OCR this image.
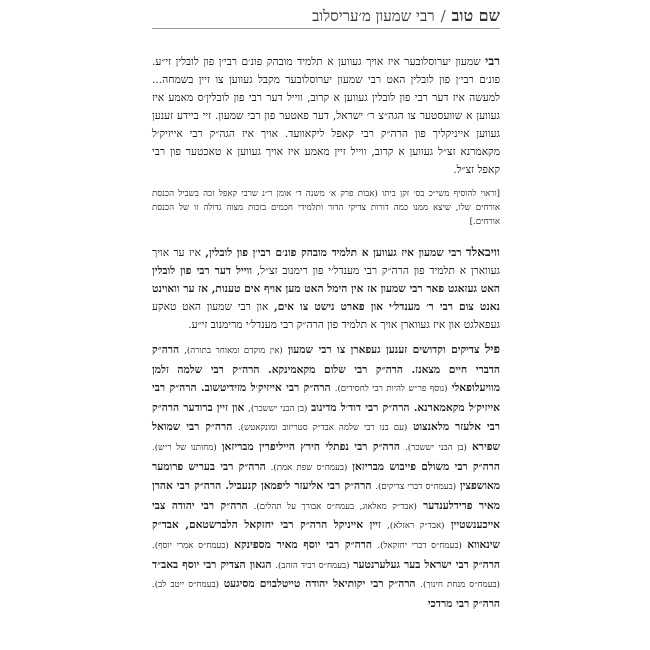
שם טוב
/
רבי שמעון מ׳עריסלוב

רבי שמעון יערוסלובער איז אויך געווען א תלמיד מובהק פונ׳ם רבי׳ן פון לובלין זי״ע. פונ׳ם רבי׳ן פון לובלין האט רבי שמעון יערוסלובער מקבל געווען צו זיין בשמחה... למעשה איז דער רבי פון לובלין געווען א קרוב, ווייל דער רבי פון לובלין׳ס מאמע איז געווען א שוועסטער צו הגה״צ ר׳ ישראל, דער פאטער פון רבי שמעון. זיי ביידע זענען געווען אייניקליך פון הרה״ק רבי קאפל ליקאוועד. אויך איז הגה״ק רבי אייזיק׳ל מקאמרנא זצ״ל געווען א קרוב, ווייל זיין מאמע איז אויך געווען א טאכטער פון רבי קאפל זצ״ל.

[וראוי להוסיף משי״כ בס׳ זקן ביתו (אבות פרק א׳ משנה ד׳ אומן ר״נ שרבי קאפל זכה בשביל הכנסת אורחים שלו, שיצא ממנו כמה דורות צדיקי הדור ותלמידי חכמים בזכות מצוה גדולה זו של הכנסת אורחים.]

וויבאלד רבי שמעון איז געווען א תלמיד מובהק פונ׳ם רבי׳ן פון לובלין, איז ער אויך געווארן א תלמיד פון הרה״ק רבי מענדל׳י פון רימנוב זצ״ל, ווייל דער רבי פון לובלין האט געזאגט פאר רבי שמעון אז אין הימל האט מען אויף אים טענות, אז ער וואוינט נאנט צום רבי ר׳ מענדל׳י און פארט נישט צו אים, און רבי שמעון האט טאקע געפאלגט און איז געווארן אויך א תלמיד פון הרה״ק רבי מענדל׳י מרימנוב זי״ע.

פיל צדיקים וקדושים זענען געפארן צו רבי שמעון (אין מוקדם ומאוחר בתורה), הרה״ק הדברי חיים מצאנז. הרה״ק רבי שלום מקאמינקא. הרה״ק רבי שלמה זלמן מוויעלופאלי (נוסף פר״ש להיות רבי לחסידים). הרה״ק רבי אייזיק׳ל מזידיטשוב. הרה״ק רבי אייזיק׳ל מקאמארנא. הרה״ק רבי דוד׳ל מדינוב (בן הבני יששכר), און זיין ברודער הרה״ק רבי אלעזר מלאנצוט (עם בנו רבי שלמה אבד״ק סטריזוב ומונקאטש). הרה״ק רבי שמואל שפירא (בן הבני יששכר). הרה״ק רבי נפתלי הירץ הייליפרין מבריזאן (מחותנו של ר״ש). הרה״ק רבי משולם פייבוש מבריזאן (בעמח״ס שפת אמת). הרה״ק רבי בעריש פרומער מאושפצין (בעמח״ס דברי צדיקים). הרה״ק רבי אליעזר ליפמאן קנעביל. הרה״ק רבי אהרן מאיר פרידלענדער (אבד״ק מאלאוג, בעמח״ס אבורך על תהלים). הרה״ק רבי יהודה צבי אייכענשטיין (אבד״ק ראזלא), זיין אייניקל הרה״ק רבי יחזקאל הלברשטאם, אבד״ק שינאווא (בעמח״ס דברי יחזקאל). הרה״ק רבי יוסף מאיר מספינקא (בעמח״ס אמרי יוסף). הרה״ק רבי ישראל בער געלערנטער (בעמח״ס רביד הזהב). הגאון הצדיק רבי יוסף באב״ד (בעמח״ס מנחת חינוך). הרה״ק רבי יקותיאל יהודה טייטלבוים מסיגעט (בעמח״ס ייטב לב). הרה״ק רבי מרדכי
